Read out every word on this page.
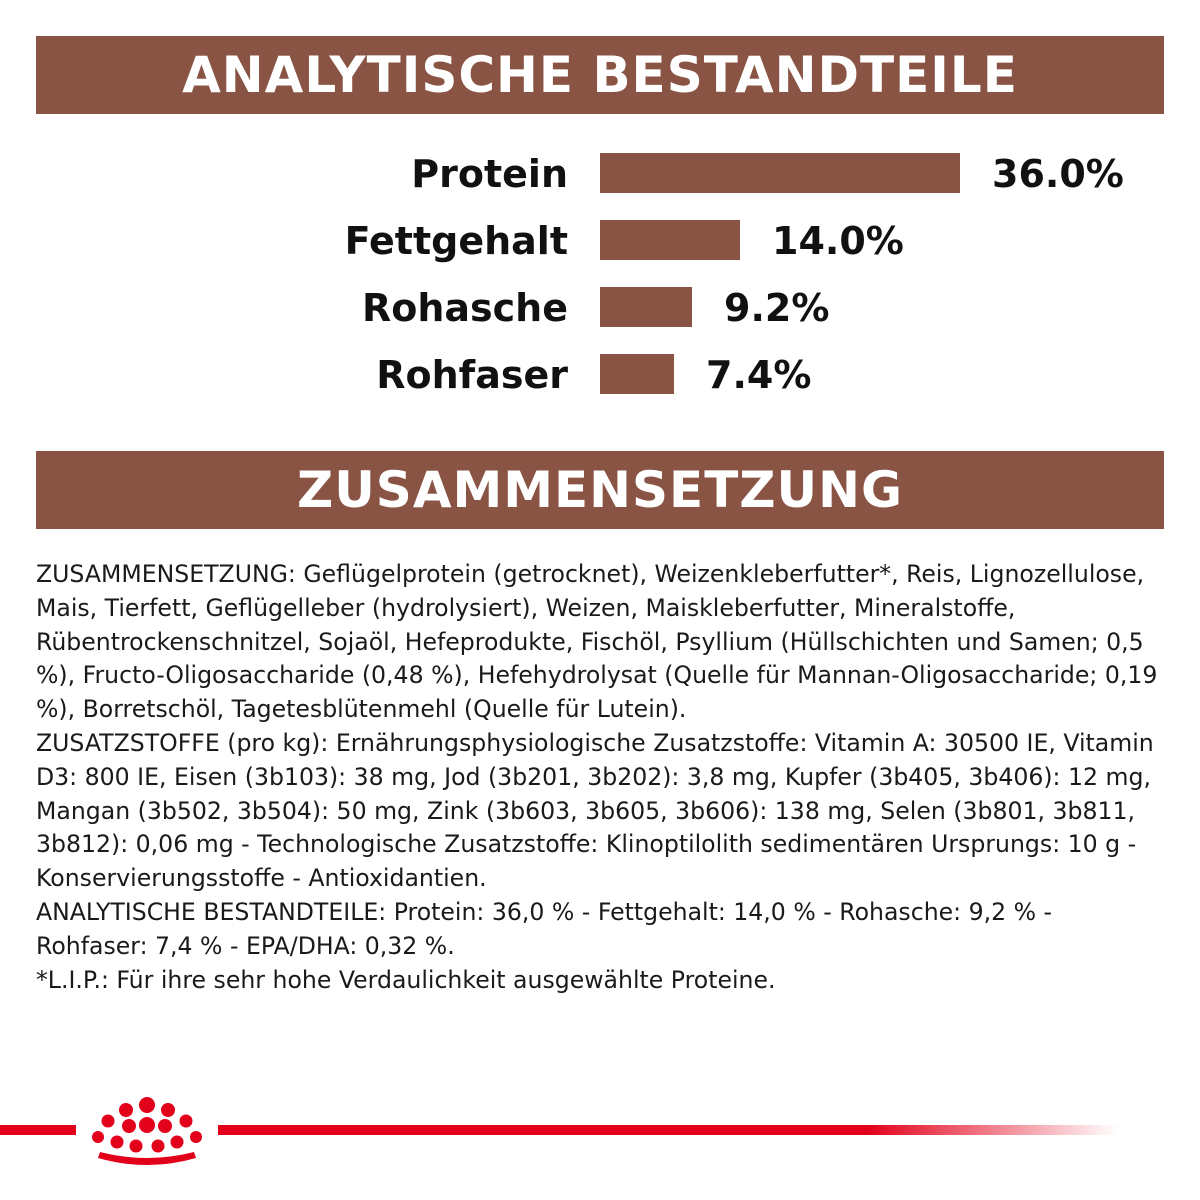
ANALYTISCHE BESTANDTEILE
Protein	36.0%
Fettgehalt	14.0%
Rohasche	9.2%
Rohfaser	7.4%
ZUSAMMENSETZUNG

ZUSAMMENSETZUNG: Geflügelprotein (getrocknet), Weizenkleberfutter*, Reis, Lignozellulose, Mais, Tierfett, Geflügelleber (hydrolysiert), Weizen, Maiskleberfutter, Mineralstoffe, Rübentrockenschnitzel, Sojaöl, Hefeprodukte, Fischöl, Psyllium (Hüllschichten und Samen; 0,5 %), Fructo-Oligosaccharide (0,48 %), Hefehydrolysat (Quelle für Mannan-Oligosaccharide; 0,19 %), Borretschöl, Tagetesblütenmehl (Quelle für Lutein).

ZUSATZSTOFFE (pro kg): Ernährungsphysiologische Zusatzstoffe: Vitamin A: 30500 IE, Vitamin D3: 800 IE, Eisen (3b103): 38 mg, Jod (3b201, 3b202): 3,8 mg, Kupfer (3b405, 3b406): 12 mg, Mangan (3b502, 3b504): 50 mg, Zink (3b603, 3b605, 3b606): 138 mg, Selen (3b801, 3b811, 3b812): 0,06 mg - Technologische Zusatzstoffe: Klinoptilolith sedimentären Ursprungs: 10 g - Konservierungsstoffe - Antioxidantien.

ANALYTISCHE BESTANDTEILE: Protein: 36,0 % - Fettgehalt: 14,0 % - Rohasche: 9,2 % - Rohfaser: 7,4 % - EPA/DHA: 0,32 %.

*L.I.P.: Für ihre sehr hohe Verdaulichkeit ausgewählte Proteine.
